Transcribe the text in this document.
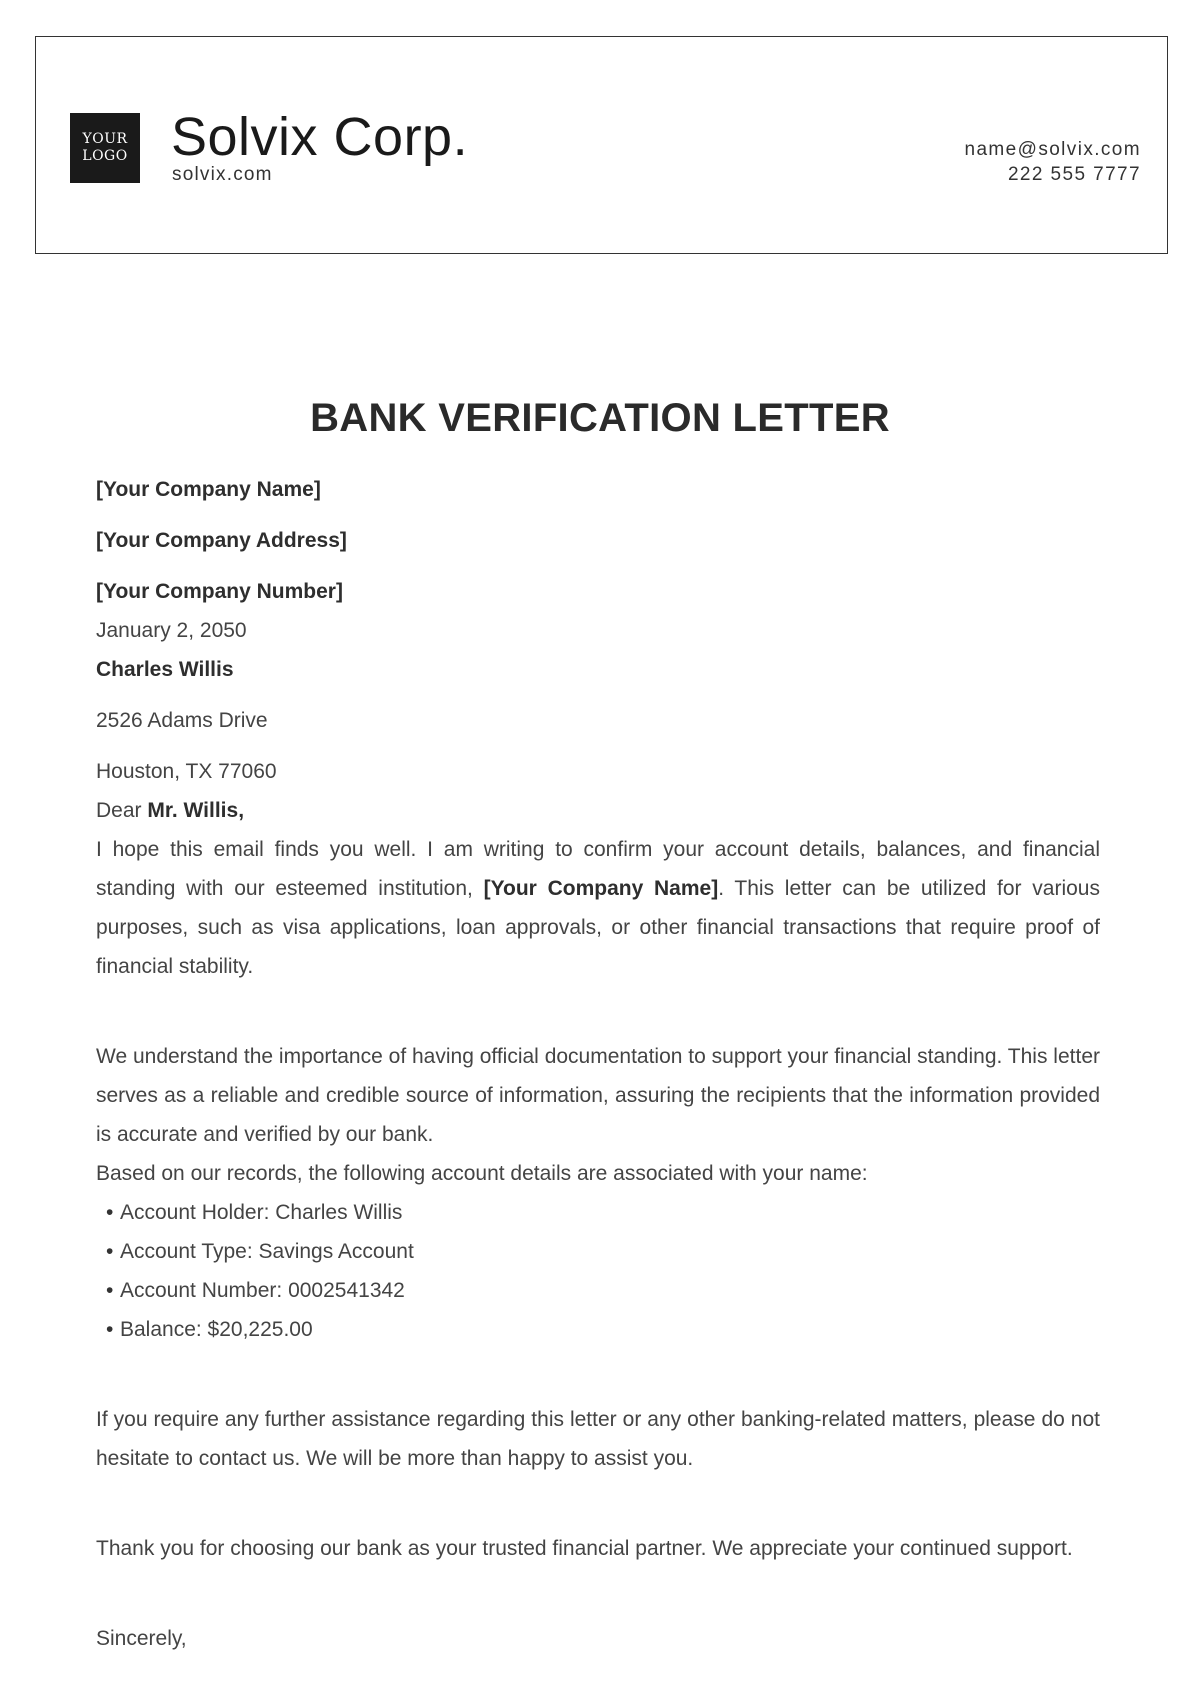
YOUR
LOGO Solvix Corp.
solvix.com
name@solvix.com
222 555 7777
BANK VERIFICATION LETTER
[Your Company Name]
[Your Company Address]
[Your Company Number]
January 2, 2050
Charles Willis
2526 Adams Drive
Houston, TX 77060
Dear Mr. Willis,

I hope this email finds you well. I am writing to confirm your account details, balances, and financial standing with our esteemed institution, [Your Company Name]. This letter can be utilized for various purposes, such as visa applications, loan approvals, or other financial transactions that require proof of financial stability.

We understand the importance of having official documentation to support your financial standing. This letter serves as a reliable and credible source of information, assuring the recipients that the information provided is accurate and verified by our bank.

Based on our records, the following account details are associated with your name:
• Account Holder: Charles Willis
• Account Type: Savings Account
• Account Number: 0002541342
• Balance: $20,225.00

If you require any further assistance regarding this letter or any other banking-related matters, please do not hesitate to contact us. We will be more than happy to assist you.

Thank you for choosing our bank as your trusted financial partner. We appreciate your continued support.

Sincerely,
